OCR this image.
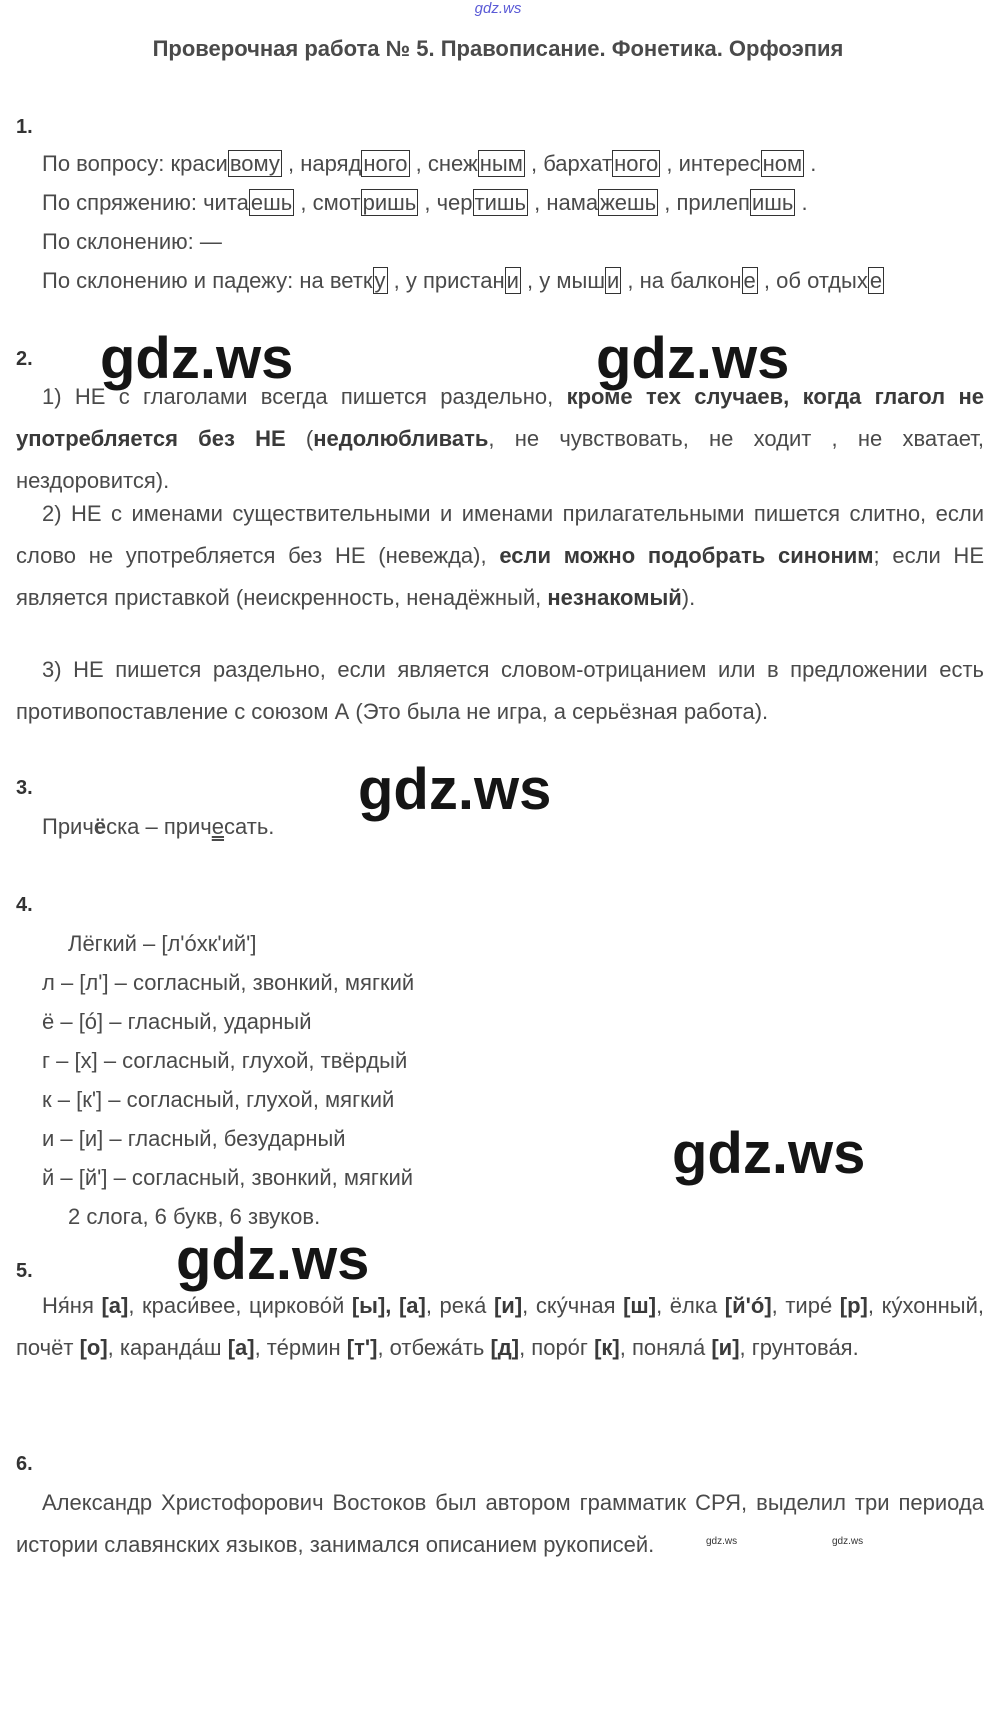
gdz.ws
Проверочная работа № 5. Правописание. Фонетика. Орфоэпия
1.
По вопросу: красивому , нарядного , снежным , бархатного , интересном .
По спряжению: читаешь , смотришь , чертишь , намажешь , прилепишь .
По склонению: —
По склонению и падежу: на ветку , у пристани , у мыши , на балконе , об отдыхе
2.
1) НЕ с глаголами всегда пишется раздельно, кроме тех случаев, когда глагол не употребляется без НЕ (недолюбливать, не чувствовать, не ходит , не хватает, нездоровится).
2) НЕ с именами существительными и именами прилагательными пишется слитно, если слово не употребляется без НЕ (невежда), если можно подобрать синоним; если НЕ является приставкой (неискренность, ненадёжный, незнакомый).
3) НЕ пишется раздельно, если является словом-отрицанием или в предложении есть противопоставление с союзом А (Это была не игра, а серьёзная работа).
3.
Причёска – причесать.
4.
Лёгкий – [л'óхк'ий']
л – [л'] – согласный, звонкий, мягкий
ё – [ó] – гласный, ударный
г – [х] – согласный, глухой, твёрдый
к – [к'] – согласный, глухой, мягкий
и – [и] – гласный, безударный
й – [й'] – согласный, звонкий, мягкий
2 слога, 6 букв, 6 звуков.
5.
Ня́ня [а], краси́вее, цирково́й [ы], [а], река́ [и], ску́чная [ш], ёлка [й'ó], тире́ [р], ку́хонный, почёт [о], каранда́ш [а], те́рмин [т'], отбежа́ть [д], поро́г [к], поняла́ [и], грунтова́я.
6.
Александр Христофорович Востоков был автором грамматик СРЯ, выделил три периода истории славянских языков, занимался описанием рукописей.
gdz.ws	gdz.ws
gdz.ws
gdz.ws
gdz.ws
gdz.ws	gdz.ws
